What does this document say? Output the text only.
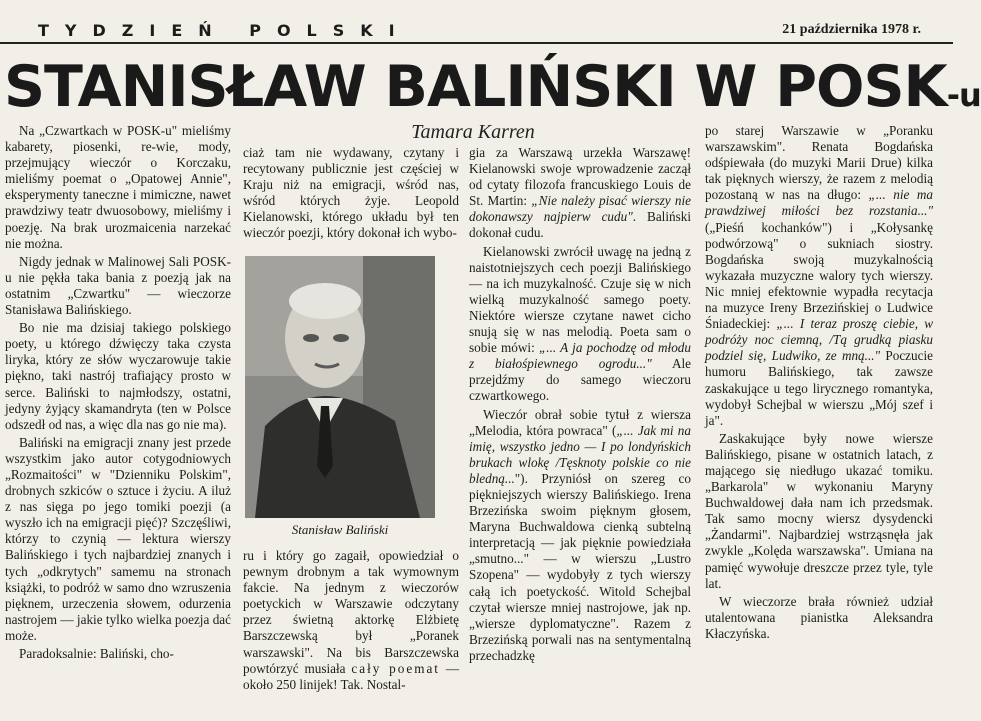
TYDZIEŃ POLSKI	21 października 1978 r.
STANISŁAW BALIŃSKI W POSK-u
Tamara Karren

Na „Czwartkach w POSK-u" mieliśmy kabarety, piosenki, re-wie, mody, przejmujący wieczór o Korczaku, mieliśmy poemat o „Opatowej Annie", eksperymenty taneczne i mimiczne, nawet prawdziwy teatr dwuosobowy, mieliśmy i poezję. Na brak urozmaicenia narzekać nie można.

Nigdy jednak w Malinowej Sali POSK-u nie pękła taka bania z poezją jak na ostatnim „Czwartku" — wieczorze Stanisława Balińskiego.

Bo nie ma dzisiaj takiego polskiego poety, u którego dźwięczy taka czysta liryka, który ze słów wyczarowuje takie piękno, taki nastrój trafiający prosto w serce. Baliński to najmłodszy, ostatni, jedyny żyjący skamandryta (ten w Polsce odszedł od nas, a więc dla nas go nie ma).

Baliński na emigracji znany jest przede wszystkim jako autor cotygodniowych „Rozmaitości" w "Dzienniku Polskim", drobnych szkiców o sztuce i życiu. A iluż z nas sięga po jego tomiki poezji (a wyszło ich na emigracji pięć)? Szczęśliwi, którzy to czynią — lektura wierszy Balińskiego i tych najbardziej znanych i tych „odkrytych" samemu na stronach książki, to podróż w samo dno wzruszenia pięknem, urzeczenia słowem, odurzenia nastrojem — jakie tylko wielka poezja dać może.

Paradoksalnie: Baliński, cho-

ciaż tam nie wydawany, czytany i recytowany publicznie jest częściej w Kraju niż na emigracji, wśród nas, wśród których żyje. Leopold Kielanowski, którego układu był ten wieczór poezji, który dokonał ich wybo-

Stanisław Baliński

ru i który go zagaił, opowiedział o pewnym drobnym a tak wymownym fakcie. Na jednym z wieczorów poetyckich w Warszawie odczytany przez świetną aktorkę Elżbietę Barszczewską był „Poranek warszawski". Na bis Barszczewska powtórzyć musiała cały poemat — około 250 linijek! Tak. Nostal-

gia za Warszawą urzekła Warszawę! Kielanowski swoje wprowadzenie zaczął od cytaty filozofa francuskiego Louis de St. Martin: „Nie należy pisać wierszy nie dokonawszy najpierw cudu". Baliński dokonał cudu.

Kielanowski zwrócił uwagę na jedną z naistotniejszych cech poezji Balińskiego — na ich muzykalność. Czuje się w nich wielką muzykalność samego poety. Niektóre wiersze czytane nawet cicho snują się w nas melodią. Poeta sam o sobie mówi: „... A ja pochodzę od młodu z białośpiewnego ogrodu..." Ale przejdźmy do samego wieczoru czwartkowego.

Wieczór obrał sobie tytuł z wiersza „Melodia, która powraca" („... Jak mi na imię, wszystko jedno — I po londyńskich brukach wlokę /Tęsknoty polskie co nie bledną..."). Przyniósł on szereg co piękniejszych wierszy Balińskiego. Irena Brzezińska swoim pięknym głosem, Maryna Buchwaldowa cienką subtelną interpretacją — jak pięknie powiedziała „smutno..." — w wierszu „Lustro Szopena" — wydobyły z tych wierszy całą ich poetyckość. Witold Schejbal czytał wiersze mniej nastrojowe, jak np. „wiersze dyplomatyczne". Razem z Brzezińską porwali nas na sentymentalną przechadzkę

po starej Warszawie w „Poranku warszawskim". Renata Bogdańska odśpiewała (do muzyki Marii Drue) kilka tak pięknych wierszy, że razem z melodią pozostaną w nas na długo: „... nie ma prawdziwej miłości bez rozstania..." („Pieśń kochanków") i „Kołysankę podwórzową" o sukniach siostry. Bogdańska swoją muzykalnością wykazała muzyczne walory tych wierszy. Nic mniej efektownie wypadła recytacja na muzyce Ireny Brzezińskiej o Ludwice Śniadeckiej: „... I teraz proszę ciebie, w podróży noc ciemną, /Tą grudką piasku podziel się, Ludwiko, ze mną..." Poczucie humoru Balińskiego, tak zawsze zaskakujące u tego lirycznego romantyka, wydobył Schejbal w wierszu „Mój szef i ja".

Zaskakujące były nowe wiersze Balińskiego, pisane w ostatnich latach, z mającego się niedługo ukazać tomiku. „Barkarola" w wykonaniu Maryny Buchwaldowej dała nam ich przedsmak. Tak samo mocny wiersz dysydencki „Żandarmi". Najbardziej wstrząsnęła jak zwykle „Kolęda warszawska". Umiana na pamięć wywołuje dreszcze przez tyle, tyle lat.

W wieczorze brała również udział utalentowana pianistka Aleksandra Kłaczyńska.
